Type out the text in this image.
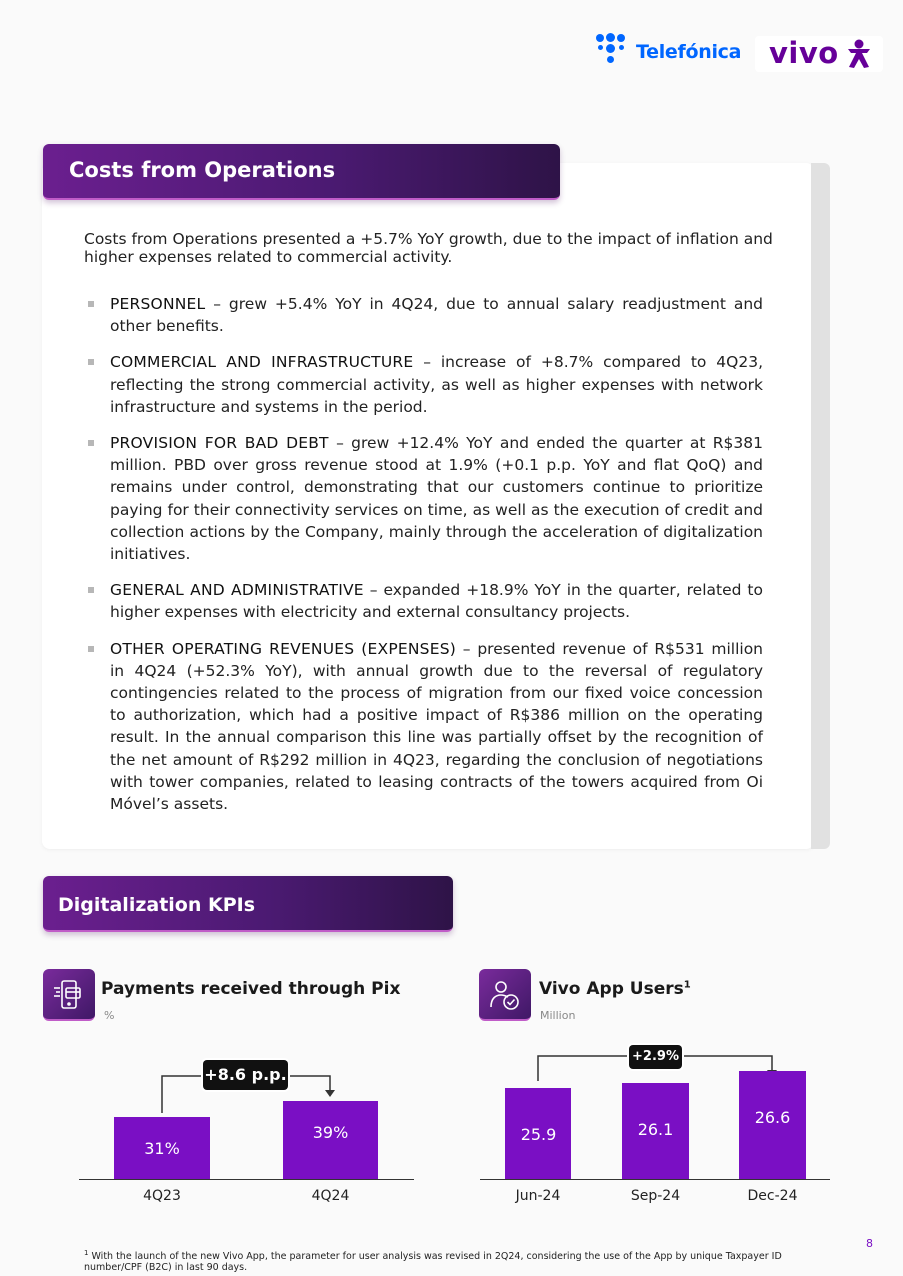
Telefónica vivo
Costs from Operations

Costs from Operations presented a +5.7% YoY growth, due to the impact of inflation and higher expenses related to commercial activity.

PERSONNEL – grew +5.4% YoY in 4Q24, due to annual salary readjustment and other benefits.
COMMERCIAL AND INFRASTRUCTURE – increase of +8.7% compared to 4Q23, reflecting the strong commercial activity, as well as higher expenses with network infrastructure and systems in the period.
PROVISION FOR BAD DEBT – grew +12.4% YoY and ended the quarter at R$381 million. PBD over gross revenue stood at 1.9% (+0.1 p.p. YoY and flat QoQ) and remains under control, demonstrating that our customers continue to prioritize paying for their connectivity services on time, as well as the execution of credit and collection actions by the Company, mainly through the acceleration of digitalization initiatives.
GENERAL AND ADMINISTRATIVE – expanded +18.9% YoY in the quarter, related to higher expenses with electricity and external consultancy projects.
OTHER OPERATING REVENUES (EXPENSES) – presented revenue of R$531 million in 4Q24 (+52.3% YoY), with annual growth due to the reversal of regulatory contingencies related to the process of migration from our fixed voice concession to authorization, which had a positive impact of R$386 million on the operating result. In the annual comparison this line was partially offset by the recognition of the net amount of R$292 million in 4Q23, regarding the conclusion of negotiations with tower companies, related to leasing contracts of the towers acquired from Oi Móvel’s assets.
Digitalization KPIs
Payments received through Pix
%
Vivo App Users$^1$
Million
+8.6 p.p.
31%
39%
4Q23	4Q24
+2.9%
25.9	26.1
26.6
Jun-24	Sep-24	Dec-24
$^1$ With the launch of the new Vivo App, the parameter for user analysis was revised in 2Q24, considering the use of the App by unique Taxpayer ID number/CPF (B2C) in last 90 days.
8
